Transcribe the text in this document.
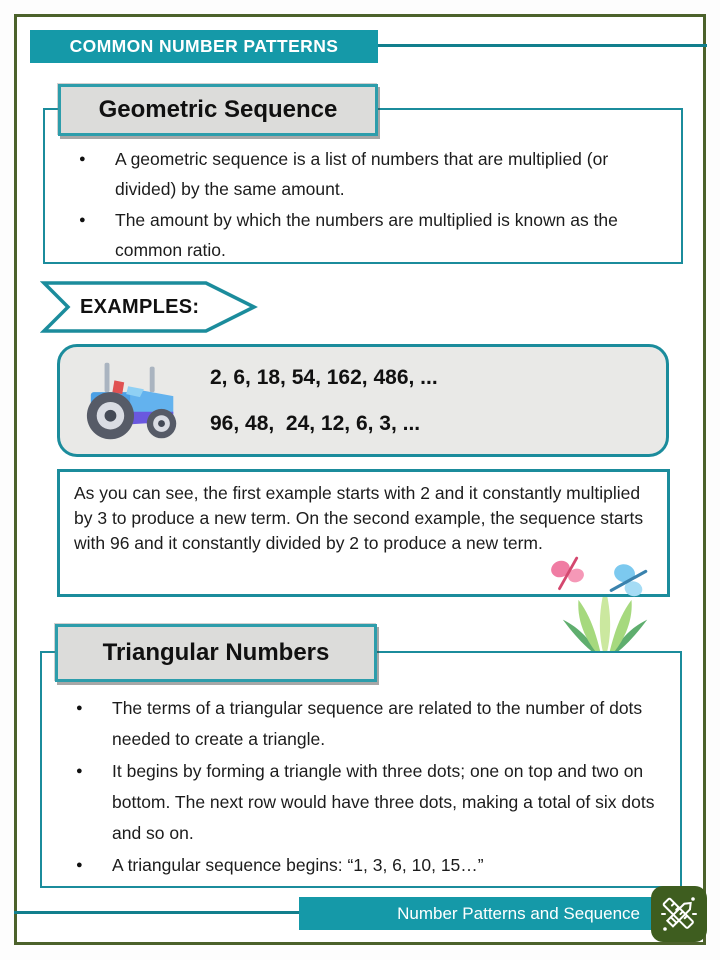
COMMON NUMBER PATTERNS
● A geometric sequence is a list of numbers that are multiplied (or divided) by the same amount.
● The amount by which the numbers are multiplied is known as the common ratio.
Geometric Sequence
EXAMPLES:
2, 6, 18, 54, 162, 486, ...
96, 48,  24, 12, 6, 3, ...

As you can see, the first example starts with 2 and it constantly multiplied by 3 to produce a new term. On the second example, the sequence starts with 96 and it constantly divided by 2 to produce a new term.

● The terms of a triangular sequence are related to the number of dots needed to create a triangle.
● It begins by forming a triangle with three dots; one on top and two on bottom. The next row would have three dots, making a total of six dots and so on.
● A triangular sequence begins: “1, 3, 6, 10, 15…”
Triangular Numbers
Number Patterns and Sequence
